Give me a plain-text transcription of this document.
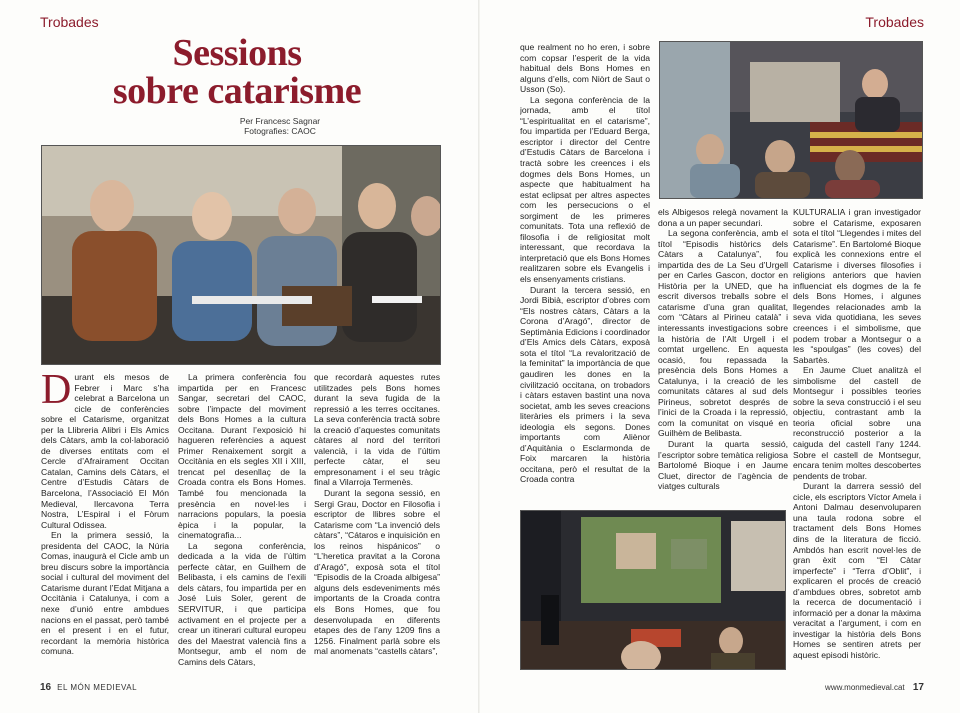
Trobades
Sessions
sobre catarisme
Per Francesc Sagnar
Fotografies: CAOC

Durant els mesos de Febrer i Marc s’ha celebrat a Barcelona un cicle de conferències sobre el Catarisme, organitzat per la Llibreria Alibri i Els Amics dels Càtars, amb la col·laboració de diverses entitats com el Cercle d’Afrairament Occitan Catalan, Camins dels Càtars, el Centre d’Estudis Càtars de Barcelona, l’Associació El Món Medieval, Ilercavona Terra Nostra, L’Espiral i el Fòrum Cultural Odissea.

En la primera sessió, la presidenta del CAOC, la Núria Comas, inaugurà el Cicle amb un breu discurs sobre la importància social i cultural del moviment del Catarisme durant l’Edat Mitjana a Occitània i Catalunya, i com a nexe d’unió entre ambdues nacions en el passat, però també en el present i en el futur, recordant la memòria històrica comuna.

La primera conferència fou impartida per en Francesc Sangar, secretari del CAOC, sobre l’impacte del moviment dels Bons Homes a la cultura Occitana. Durant l’exposició hi hagueren referències a aquest Primer Renaixement sorgit a Occitània en els segles XII i XIII, trencat pel desenllaç de la Croada contra els Bons Homes. També fou mencionada la presència en novel·les i narracions populars, la poesia èpica i la popular, la cinematografia...

La segona conferència, dedicada a la vida de l’últim perfecte càtar, en Guilhem de Belibasta, i els camins de l’exili dels càtars, fou impartida per en José Luis Soler, gerent de SERVITUR, i que participa activament en el projecte per a crear un itinerari cultural europeu des del Maestrat valencià fins a Montsegur, amb el nom de Camins dels Càtars,

que recordarà aquestes rutes utilitzades pels Bons homes durant la seva fugida de la repressió a les terres occitanes. La seva conferència tractà sobre la creació d’aquestes comunitats càtares al nord del territori valencià, i la vida de l’últim perfecte càtar, el seu empresonament i el seu tràgic final a Vilarroja Termenès.

Durant la segona sessió, en Sergi Grau, Doctor en Filosofia i escriptor de llibres sobre el Catarisme com “La invenció dels càtars”, “Cátaros e inquisición en los reinos hispánicos” o “L’heretica pravitat a la Corona d’Aragó”, exposà sota el títol “Episodis de la Croada albigesa” alguns dels esdeveniments més importants de la Croada contra els Bons Homes, que fou desenvolupada en diferents etapes des de l’any 1209 fins a 1256. Finalment parlà sobre els mal anomenats “castells càtars”,

16 EL MÓN MEDIEVAL
Trobades

que realment no ho eren, i sobre com copsar l’esperit de la vida habitual dels Bons Homes en alguns d’ells, com Niòrt de Saut o Usson (So).

La segona conferència de la jornada, amb el títol “L’espiritualitat en el catarisme”, fou impartida per l’Eduard Berga, escriptor i director del Centre d’Estudis Càtars de Barcelona i tractà sobre les creences i els dogmes dels Bons Homes, un aspecte que habitualment ha estat eclipsat per altres aspectes com les persecucions o el sorgiment de les primeres comunitats. Tota una reflexió de filosofia i de religiositat molt interessant, que recordava la interpretació que els Bons Homes realitzaren sobre els Evangelis i els ensenyaments cristians.

Durant la tercera sessió, en Jordi Bibià, escriptor d’obres com “Els nostres càtars, Càtars a la Corona d’Aragó”, director de Septimània Edicions i coordinador d’Els Amics dels Càtars, exposà sota el títol “La revalorització de la feminitat” la importància de que gaudiren les dones en la civilització occitana, on trobadors i càtars estaven bastint una nova societat, amb les seves creacions literàries els primers i la seva ideologia els segons. Dones importants com Aliènor d’Aquitània o Esclarmonda de Foix marcaren la història occitana, però el resultat de la Croada contra

els Albigesos relegà novament la dona a un paper secundari.

La segona conferència, amb el títol “Episodis històrics dels Càtars a Catalunya”, fou impartida des de La Seu d’Urgell per en Carles Gascon, doctor en Història per la UNED, que ha escrit diversos treballs sobre el catarisme d’una gran qualitat, com “Càtars al Pirineu català” i interessants investigacions sobre la història de l’Alt Urgell i el comtat urgellenc. En aquesta ocasió, fou repassada la presència dels Bons Homes a Catalunya, i la creació de les comunitats càtares al sud dels Pirineus, sobretot després de l’inici de la Croada i la repressió, com la comunitat on visqué en Guilhèm de Belibasta.

Durant la quarta sessió, l’escriptor sobre temàtica religiosa Bartolomé Bioque i en Jaume Cluet, director de l’agència de viatges culturals

KULTURALIA i gran investigador sobre el Catarisme, exposaren sota el títol “Llegendes i mites del Catarisme”. En Bartolomé Bioque explicà les connexions entre el Catarisme i diverses filosofies i religions anteriors que havien influenciat els dogmes de la fe dels Bons Homes, i algunes llegendes relacionades amb la seva vida quotidiana, les seves creences i el simbolisme, que podem trobar a Montsegur o a les “spoulgas” (les coves) del Sabartès.

En Jaume Cluet analitzà el simbolisme del castell de Montsegur i possibles teories sobre la seva construcció i el seu objectiu, contrastant amb la teoria oficial sobre una reconstrucció posterior a la caiguda del castell l’any 1244. Sobre el castell de Montsegur, encara tenim moltes descobertes pendents de trobar.

Durant la darrera sessió del cicle, els escriptors Víctor Amela i Antoni Dalmau desenvoluparen una taula rodona sobre el tractament dels Bons Homes dins de la literatura de ficció. Ambdós han escrit novel·les de gran èxit com “El Càtar imperfecte” i “Terra d’Oblit”, i explicaren el procés de creació d’ambdues obres, sobretot amb la recerca de documentació i informació per a donar la màxima veracitat a l’argument, i com en investigar la història dels Bons Homes se sentiren atrets per aquest episodi històric.

www.monmedieval.cat 17
